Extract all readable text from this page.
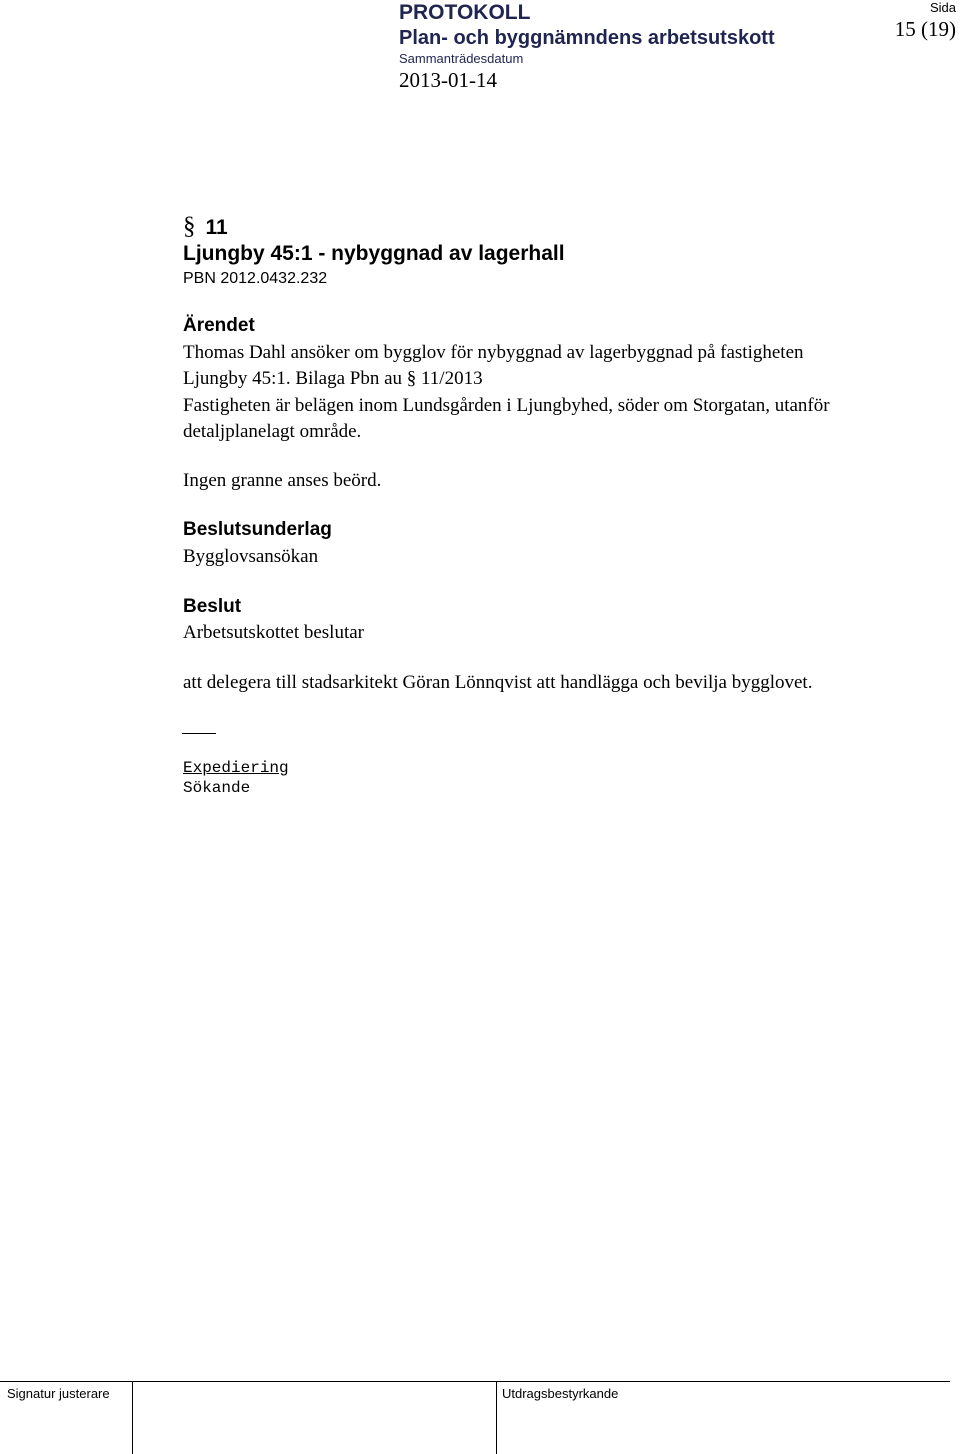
PROTOKOLL
Plan- och byggnämndens arbetsutskott
Sammanträdesdatum
2013-01-14
Sida
15 (19)
§ 11
Ljungby 45:1 - nybyggnad av lagerhall
PBN 2012.0432.232
Ärendet
Thomas Dahl ansöker om bygglov för nybyggnad av lagerbyggnad på fastigheten
Ljungby 45:1. Bilaga Pbn au § 11/2013
Fastigheten är belägen inom Lundsgården i Ljungbyhed, söder om Storgatan, utanför
detaljplanelagt område.
Ingen granne anses beörd.
Beslutsunderlag
Bygglovsansökan
Beslut
Arbetsutskottet beslutar
att delegera till stadsarkitekt Göran Lönnqvist att handlägga och bevilja bygglovet.
Expediering
Sökande
Signatur justerare	Utdragsbestyrkande
